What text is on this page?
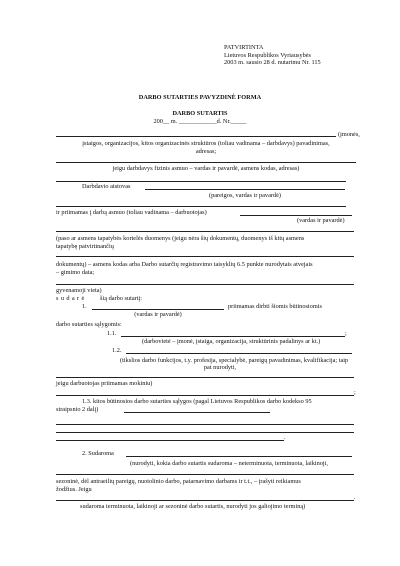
PATVIRTINTA
Lietuvos Respublikos Vyriausybės
2003 m. sausio 28 d. nutarimu Nr. 115
DARBO SUTARTIES PAVYZDINĖ FORMA
DARBO SUTARTIS
200__ m. ____________d. Nr._____
(įmonės,
įstaigos, organizacijos, kitos organizacinės struktūros (toliau vadinama – darbdavys) pavadinimas,
adresas;
jeigu darbdavys fizinis asmuo – vardas ir pavardė, asmens kodas, adresas)
Darbdavio atstovas
(pareigos, vardas ir pavardė)
ir priimamas į darbą asmuo (toliau vadinama – darbuotojas)
(vardas ir pavardė)
(paso ar asmens tapatybės kortelės duomenys (jeigu nėra šių dokumentų, duomenys iš kitų asmens
tapatybę patvirtinančių
dokumentų) – asmens kodas arba Darbo sutarčių registravimo taisyklių 6.5 punkte nurodytais atvejais
– gimimo data;
gyvenamoji vieta)
s u d a r ė šią darbo sutartį:
1.	priimamas dirbti šiomis būtinosiomis
(vardas ir pavardė)
darbo sutarties sąlygomis:
1.1.	;
(darbovietė – įmonė, įstaiga, organizacija, struktūrinis padalinys ar kt.)
1.2.
(tikslios darbo funkcijos, t.y. profesija, specialybė, pareigų pavadinimas, kvalifikacija; taip
pat nurodyti,
jeigu darbuotojas priimamas mokiniu)
;
1.3. kitos būtinosios darbo sutarties sąlygos (pagal Lietuvos Respublikos darbo kodekso 95
straipsnio 2 dalį)
.
2. Sudaroma
(nurodyti, kokia darbo sutartis sudaroma – neterminuota, terminuota, laikinoji,
sezoninė, dėl antraeilių pareigų, nuotolinio darbo, patarnavimo darbams ir t.t., – įrašyti reikiamus
žodžius. Jeigu
.
sudaroma terminuota, laikinoji ar sezoninė darbo sutartis, nurodyti jos galiojimo terminą)
